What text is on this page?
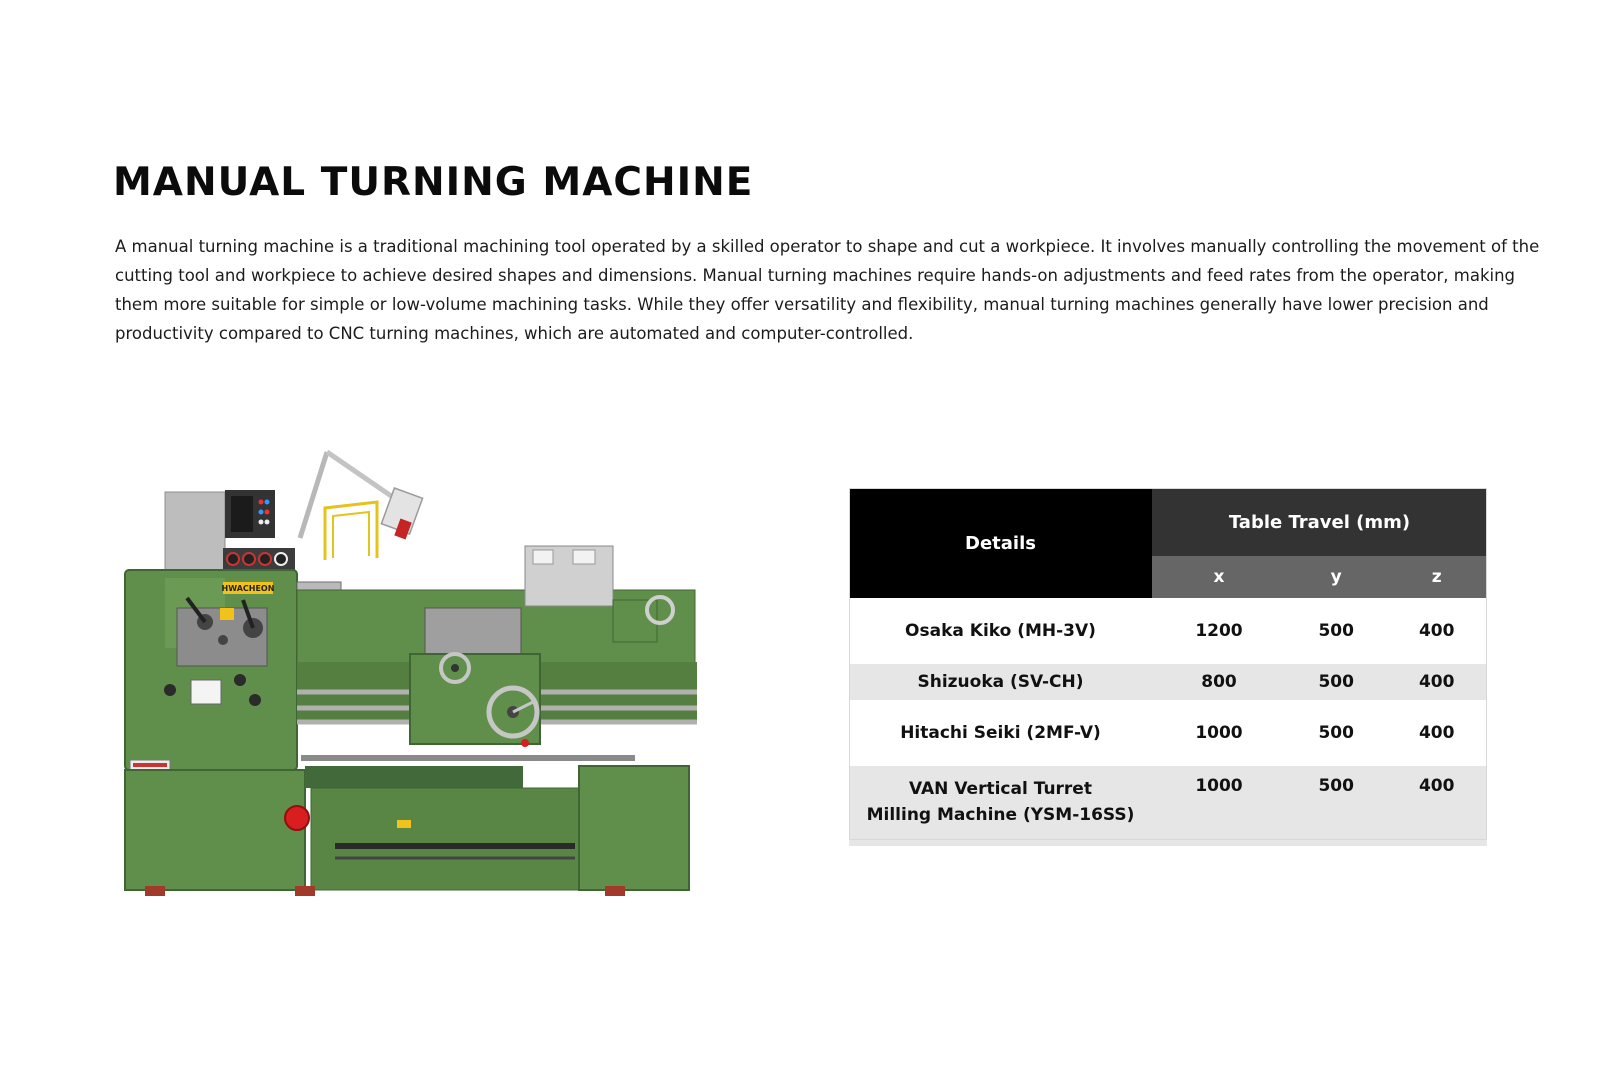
MANUAL TURNING MACHINE

A manual turning machine is a traditional machining tool operated by a skilled operator to shape and cut a workpiece. It involves manually controlling the movement of the cutting tool and workpiece to achieve desired shapes and dimensions. Manual turning machines require hands-on adjustments and feed rates from the operator, making them more suitable for simple or low-volume machining tasks. While they offer versatility and flexibility, manual turning machines generally have lower precision and productivity compared to CNC turning machines, which are automated and computer-controlled.

HWACHEON
Details	Table Travel (mm)		
	x	y	z
Osaka Kiko (MH-3V)	1200	500	400
Shizuoka (SV-CH)	800	500	400
Hitachi Seiki (2MF-V)	1000	500	400
VAN Vertical Turret
Milling Machine (YSM-16SS)	1000	500	400
